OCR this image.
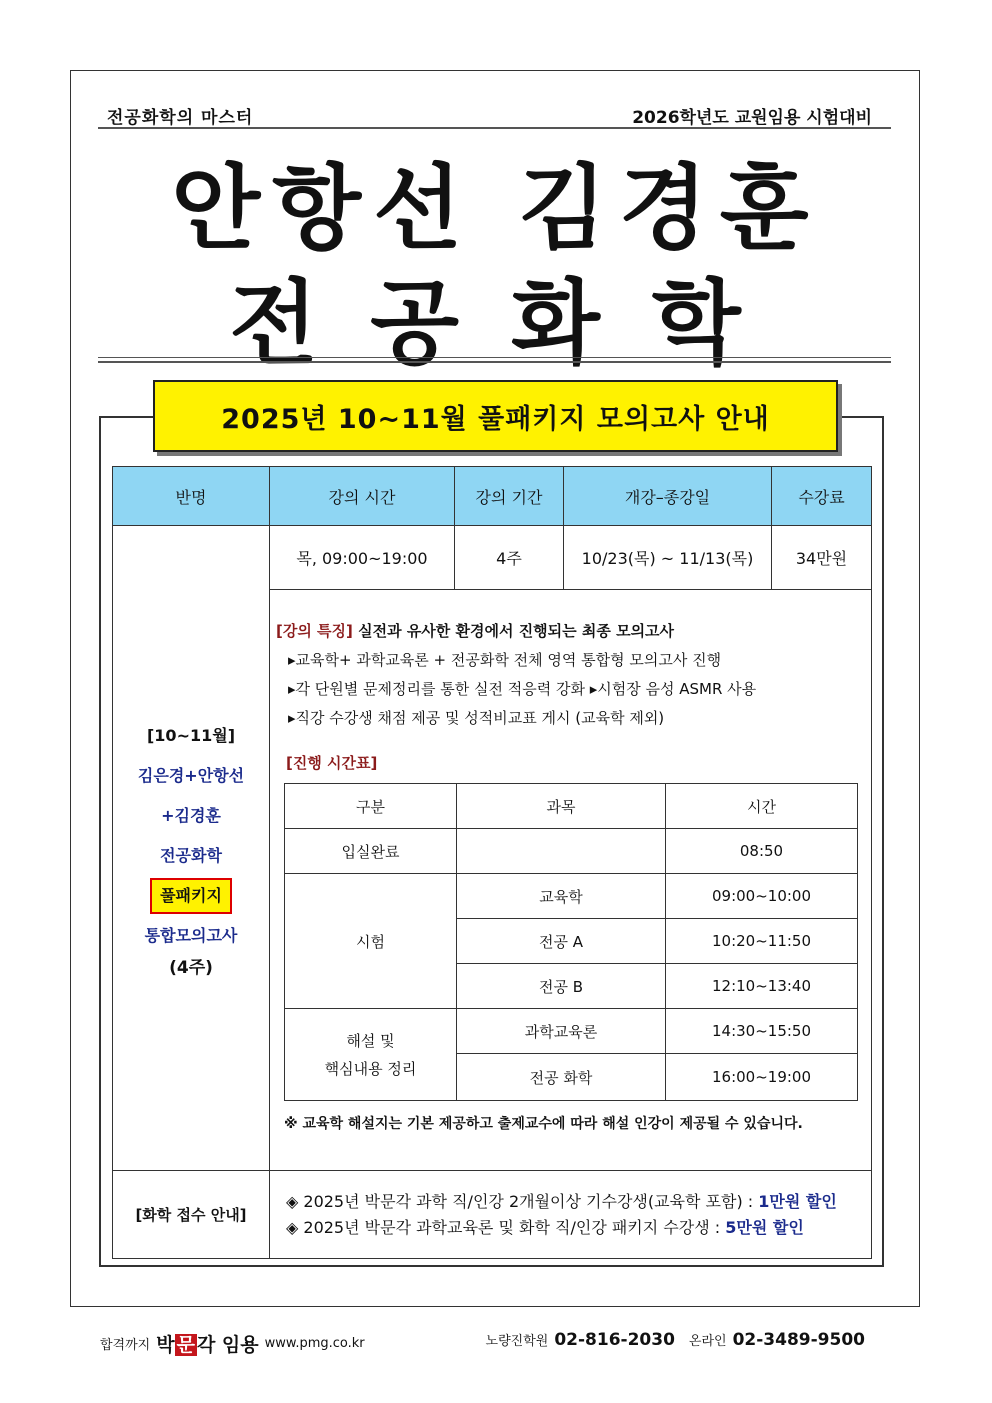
전공화학의 마스터	2026학년도 교원임용 시험대비
안항선 김경훈
전공화학
2025년 10~11월 풀패키지 모의고사 안내
반명	강의 시간	강의 기간	개강–종강일	수강료

[10~11월]
김은경+안항선
+김경훈
전공화학
풀패키지
통합모의고사
(4주)
	목, 09:00~19:00	4주	10/23(목) ~ 11/13(목)	34만원

[강의 특징] 실전과 유사한 환경에서 진행되는 최종 모의고사
▸교육학+ 과학교육론 + 전공화학 전체 영역 통합형 모의고사 진행
▸각 단원별 문제정리를 통한 실전 적응력 강화 ▸시험장 음성 ASMR 사용
▸직강 수강생 채점 제공 및 성적비교표 게시 (교육학 제외)
[진행 시간표]
구분	과목	시간
입실완료		08:50
시험	교육학	09:00~10:00
전공 A	10:20~11:50
전공 B	12:10~13:40

해설 및
핵심내용 정리
	과학교육론	14:30~15:50
전공 화학	16:00~19:00
※ 교육학 해설지는 기본 제공하고 출제교수에 따라 해설 인강이 제공될 수 있습니다.

[화학 접수 안내]	
◈ 2025년 박문각 과학 직/인강 2개월이상 기수강생(교육학 포함) : 1만원 할인
◈ 2025년 박문각 과학교육론 및 화학 직/인강 패키지 수강생 : 5만원 할인
합격까지 박 문 각 임용 www.pmg.co.kr	노량진학원 02-816-2030 온라인 02-3489-9500
